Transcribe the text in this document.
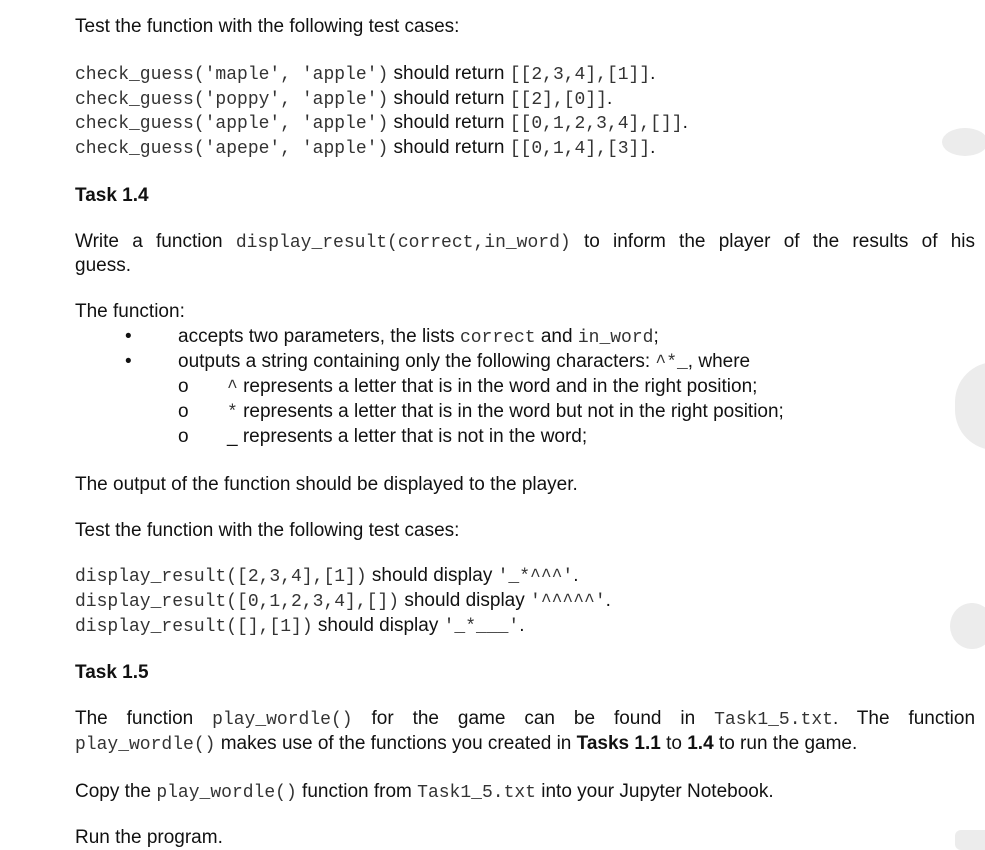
Test the function with the following test cases:
check_guess('maple', 'apple') should return [[2,3,4],[1]].
check_guess('poppy', 'apple') should return [[2],[0]].
check_guess('apple', 'apple') should return [[0,1,2,3,4],[]].
check_guess('apepe', 'apple') should return [[0,1,4],[3]].
Task 1.4
Write a function display_result(correct,in_word) to inform the player of the results of his
guess.
The function:
• accepts two parameters, the lists correct and in_word;
• outputs a string containing only the following characters: ^*_, where
o ^ represents a letter that is in the word and in the right position;
o * represents a letter that is in the word but not in the right position;
o _ represents a letter that is not in the word;
The output of the function should be displayed to the player.
Test the function with the following test cases:
display_result([2,3,4],[1]) should display '_*^^^'.
display_result([0,1,2,3,4],[]) should display '^^^^^'.
display_result([],[1]) should display '_*___'.
Task 1.5
The function play_wordle() for the game can be found in Task1_5.txt. The function
play_wordle() makes use of the functions you created in Tasks 1.1 to 1.4 to run the game.
Copy the play_wordle() function from Task1_5.txt into your Jupyter Notebook.
Run the program.
